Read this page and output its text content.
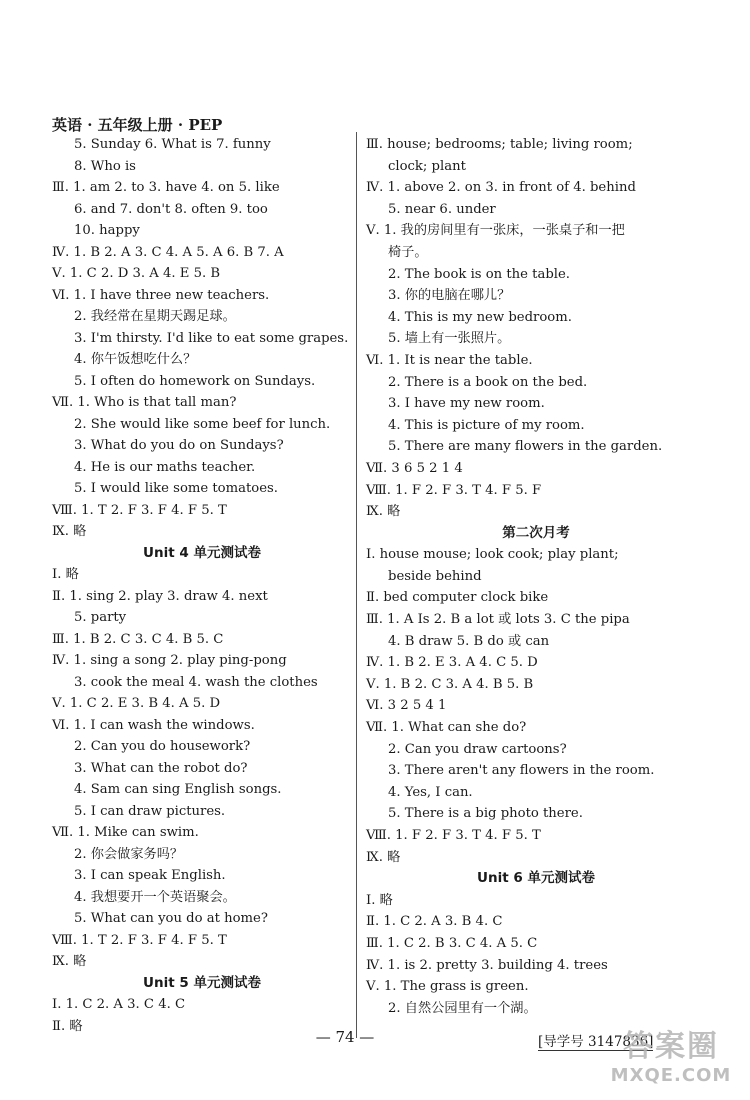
英语 · 五年级上册 · PEP
5. Sunday 6. What is 7. funny
8. Who is
Ⅲ. 1. am 2. to 3. have 4. on 5. like
6. and 7. don't 8. often 9. too
10. happy
Ⅳ. 1. B 2. A 3. C 4. A 5. A 6. B 7. A
Ⅴ. 1. C 2. D 3. A 4. E 5. B
Ⅵ. 1. I have three new teachers.
2. 我经常在星期天踢足球。
3. I'm thirsty. I'd like to eat some grapes.
4. 你午饭想吃什么？
5. I often do homework on Sundays.
Ⅶ. 1. Who is that tall man?
2. She would like some beef for lunch.
3. What do you do on Sundays?
4. He is our maths teacher.
5. I would like some tomatoes.
Ⅷ. 1. T 2. F 3. F 4. F 5. T
Ⅸ. 略
Unit 4 单元测试卷
Ⅰ. 略
Ⅱ. 1. sing 2. play 3. draw 4. next
5. party
Ⅲ. 1. B 2. C 3. C 4. B 5. C
Ⅳ. 1. sing a song 2. play ping-pong
3. cook the meal 4. wash the clothes
Ⅴ. 1. C 2. E 3. B 4. A 5. D
Ⅵ. 1. I can wash the windows.
2. Can you do housework?
3. What can the robot do?
4. Sam can sing English songs.
5. I can draw pictures.
Ⅶ. 1. Mike can swim.
2. 你会做家务吗？
3. I can speak English.
4. 我想要开一个英语聚会。
5. What can you do at home?
Ⅷ. 1. T 2. F 3. F 4. F 5. T
Ⅸ. 略
Unit 5 单元测试卷
Ⅰ. 1. C 2. A 3. C 4. C
Ⅱ. 略
Ⅲ. house; bedrooms; table; living room;
clock; plant
Ⅳ. 1. above 2. on 3. in front of 4. behind
5. near 6. under
Ⅴ. 1. 我的房间里有一张床，一张桌子和一把
椅子。
2. The book is on the table.
3. 你的电脑在哪儿？
4. This is my new bedroom.
5. 墙上有一张照片。
Ⅵ. 1. It is near the table.
2. There is a book on the bed.
3. I have my new room.
4. This is picture of my room.
5. There are many flowers in the garden.
Ⅶ. 3 6 5 2 1 4
Ⅷ. 1. F 2. F 3. T 4. F 5. F
Ⅸ. 略
第二次月考
Ⅰ. house mouse; look cook; play plant;
beside behind
Ⅱ. bed computer clock bike
Ⅲ. 1. A Is 2. B a lot 或 lots 3. C the pipa
4. B draw 5. B do 或 can
Ⅳ. 1. B 2. E 3. A 4. C 5. D
Ⅴ. 1. B 2. C 3. A 4. B 5. B
Ⅵ. 3 2 5 4 1
Ⅶ. 1. What can she do?
2. Can you draw cartoons?
3. There aren't any flowers in the room.
4. Yes, I can.
5. There is a big photo there.
Ⅷ. 1. F 2. F 3. T 4. F 5. T
Ⅸ. 略
Unit 6 单元测试卷
Ⅰ. 略
Ⅱ. 1. C 2. A 3. B 4. C
Ⅲ. 1. C 2. B 3. C 4. A 5. C
Ⅳ. 1. is 2. pretty 3. building 4. trees
Ⅴ. 1. The grass is green.
2. 自然公园里有一个湖。
— 74 —	[导学号 3147836]
答案圈
MXQE.COM
